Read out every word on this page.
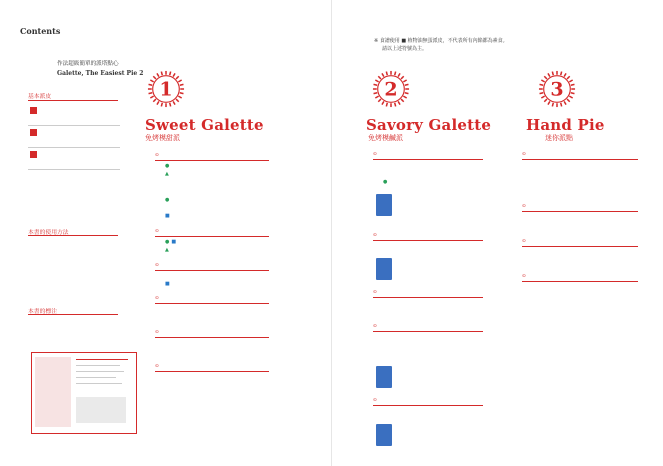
Contents
作法超級簡單的派塔點心
Galette, The Easiest Pie 2
基本派皮
本書的使用方法
本書的標注
1
Sweet Galette
免烤模甜派
⊙
●
▲
●
■
⊙
● ■
▲
⊙
■
⊙
⊙
⊙
※ 食譜使用 ■ 植物油無蛋派皮，不代表所有內餡都為素食。
請以上述符號為主。
2
Savory Galette
免烤模鹹派
⊙
●
⊙
⊙
⊙
⊙
3
Hand Pie
迷你派點
⊙
⊙
⊙
⊙
